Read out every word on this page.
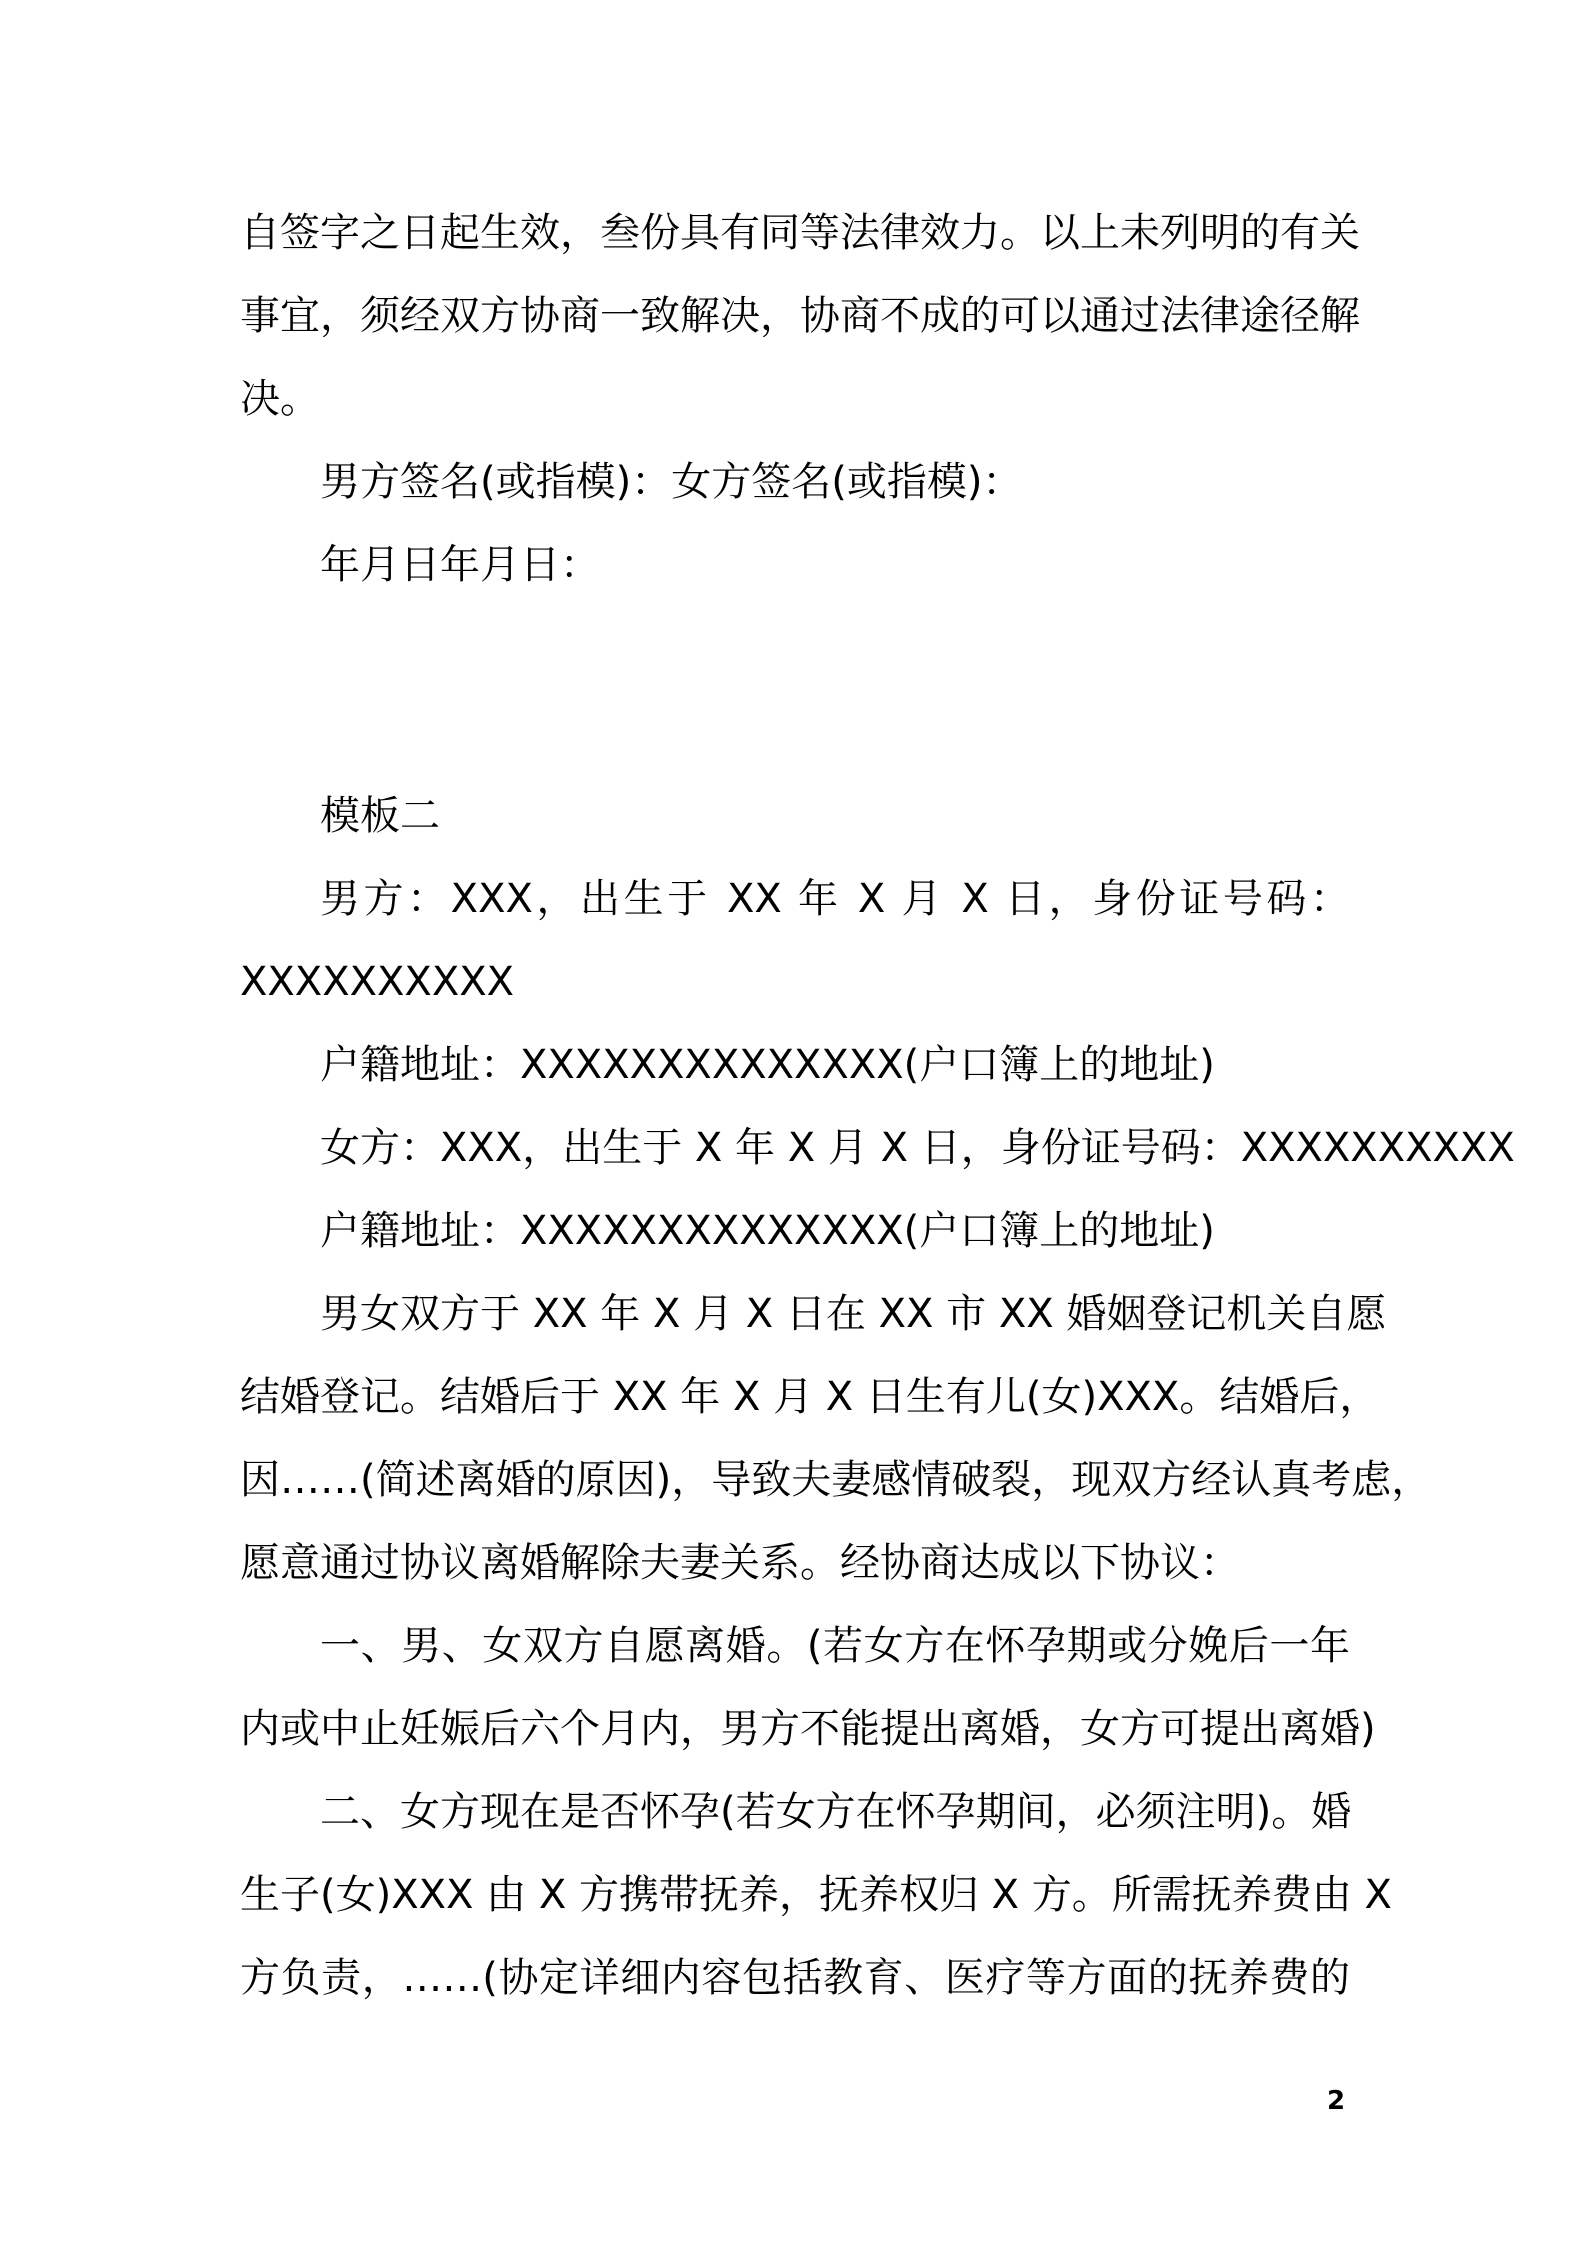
自签字之日起生效，叁份具有同等法律效力。以上未列明的有关
事宜，须经双方协商一致解决，协商不成的可以通过法律途径解
决。
男方签名(或指模)：女方签名(或指模)：
年月日年月日：
模板二
男方：XXX，出生于 XX 年 X 月 X 日，身份证号码：
XXXXXXXXXX
户籍地址：XXXXXXXXXXXXXX(户口簿上的地址)
女方：XXX，出生于 X 年 X 月 X 日，身份证号码：XXXXXXXXXX
户籍地址：XXXXXXXXXXXXXX(户口簿上的地址)
男女双方于 XX 年 X 月 X 日在 XX 市 XX 婚姻登记机关自愿
结婚登记。结婚后于 XX 年 X 月 X 日生有儿(女)XXX。结婚后，
因……(简述离婚的原因)，导致夫妻感情破裂，现双方经认真考虑，
愿意通过协议离婚解除夫妻关系。经协商达成以下协议：
一、男、女双方自愿离婚。(若女方在怀孕期或分娩后一年
内或中止妊娠后六个月内，男方不能提出离婚，女方可提出离婚)
二、女方现在是否怀孕(若女方在怀孕期间，必须注明)。婚
生子(女)XXX 由 X 方携带抚养，抚养权归 X 方。所需抚养费由 X
方负责，……(协定详细内容包括教育、医疗等方面的抚养费的
2
